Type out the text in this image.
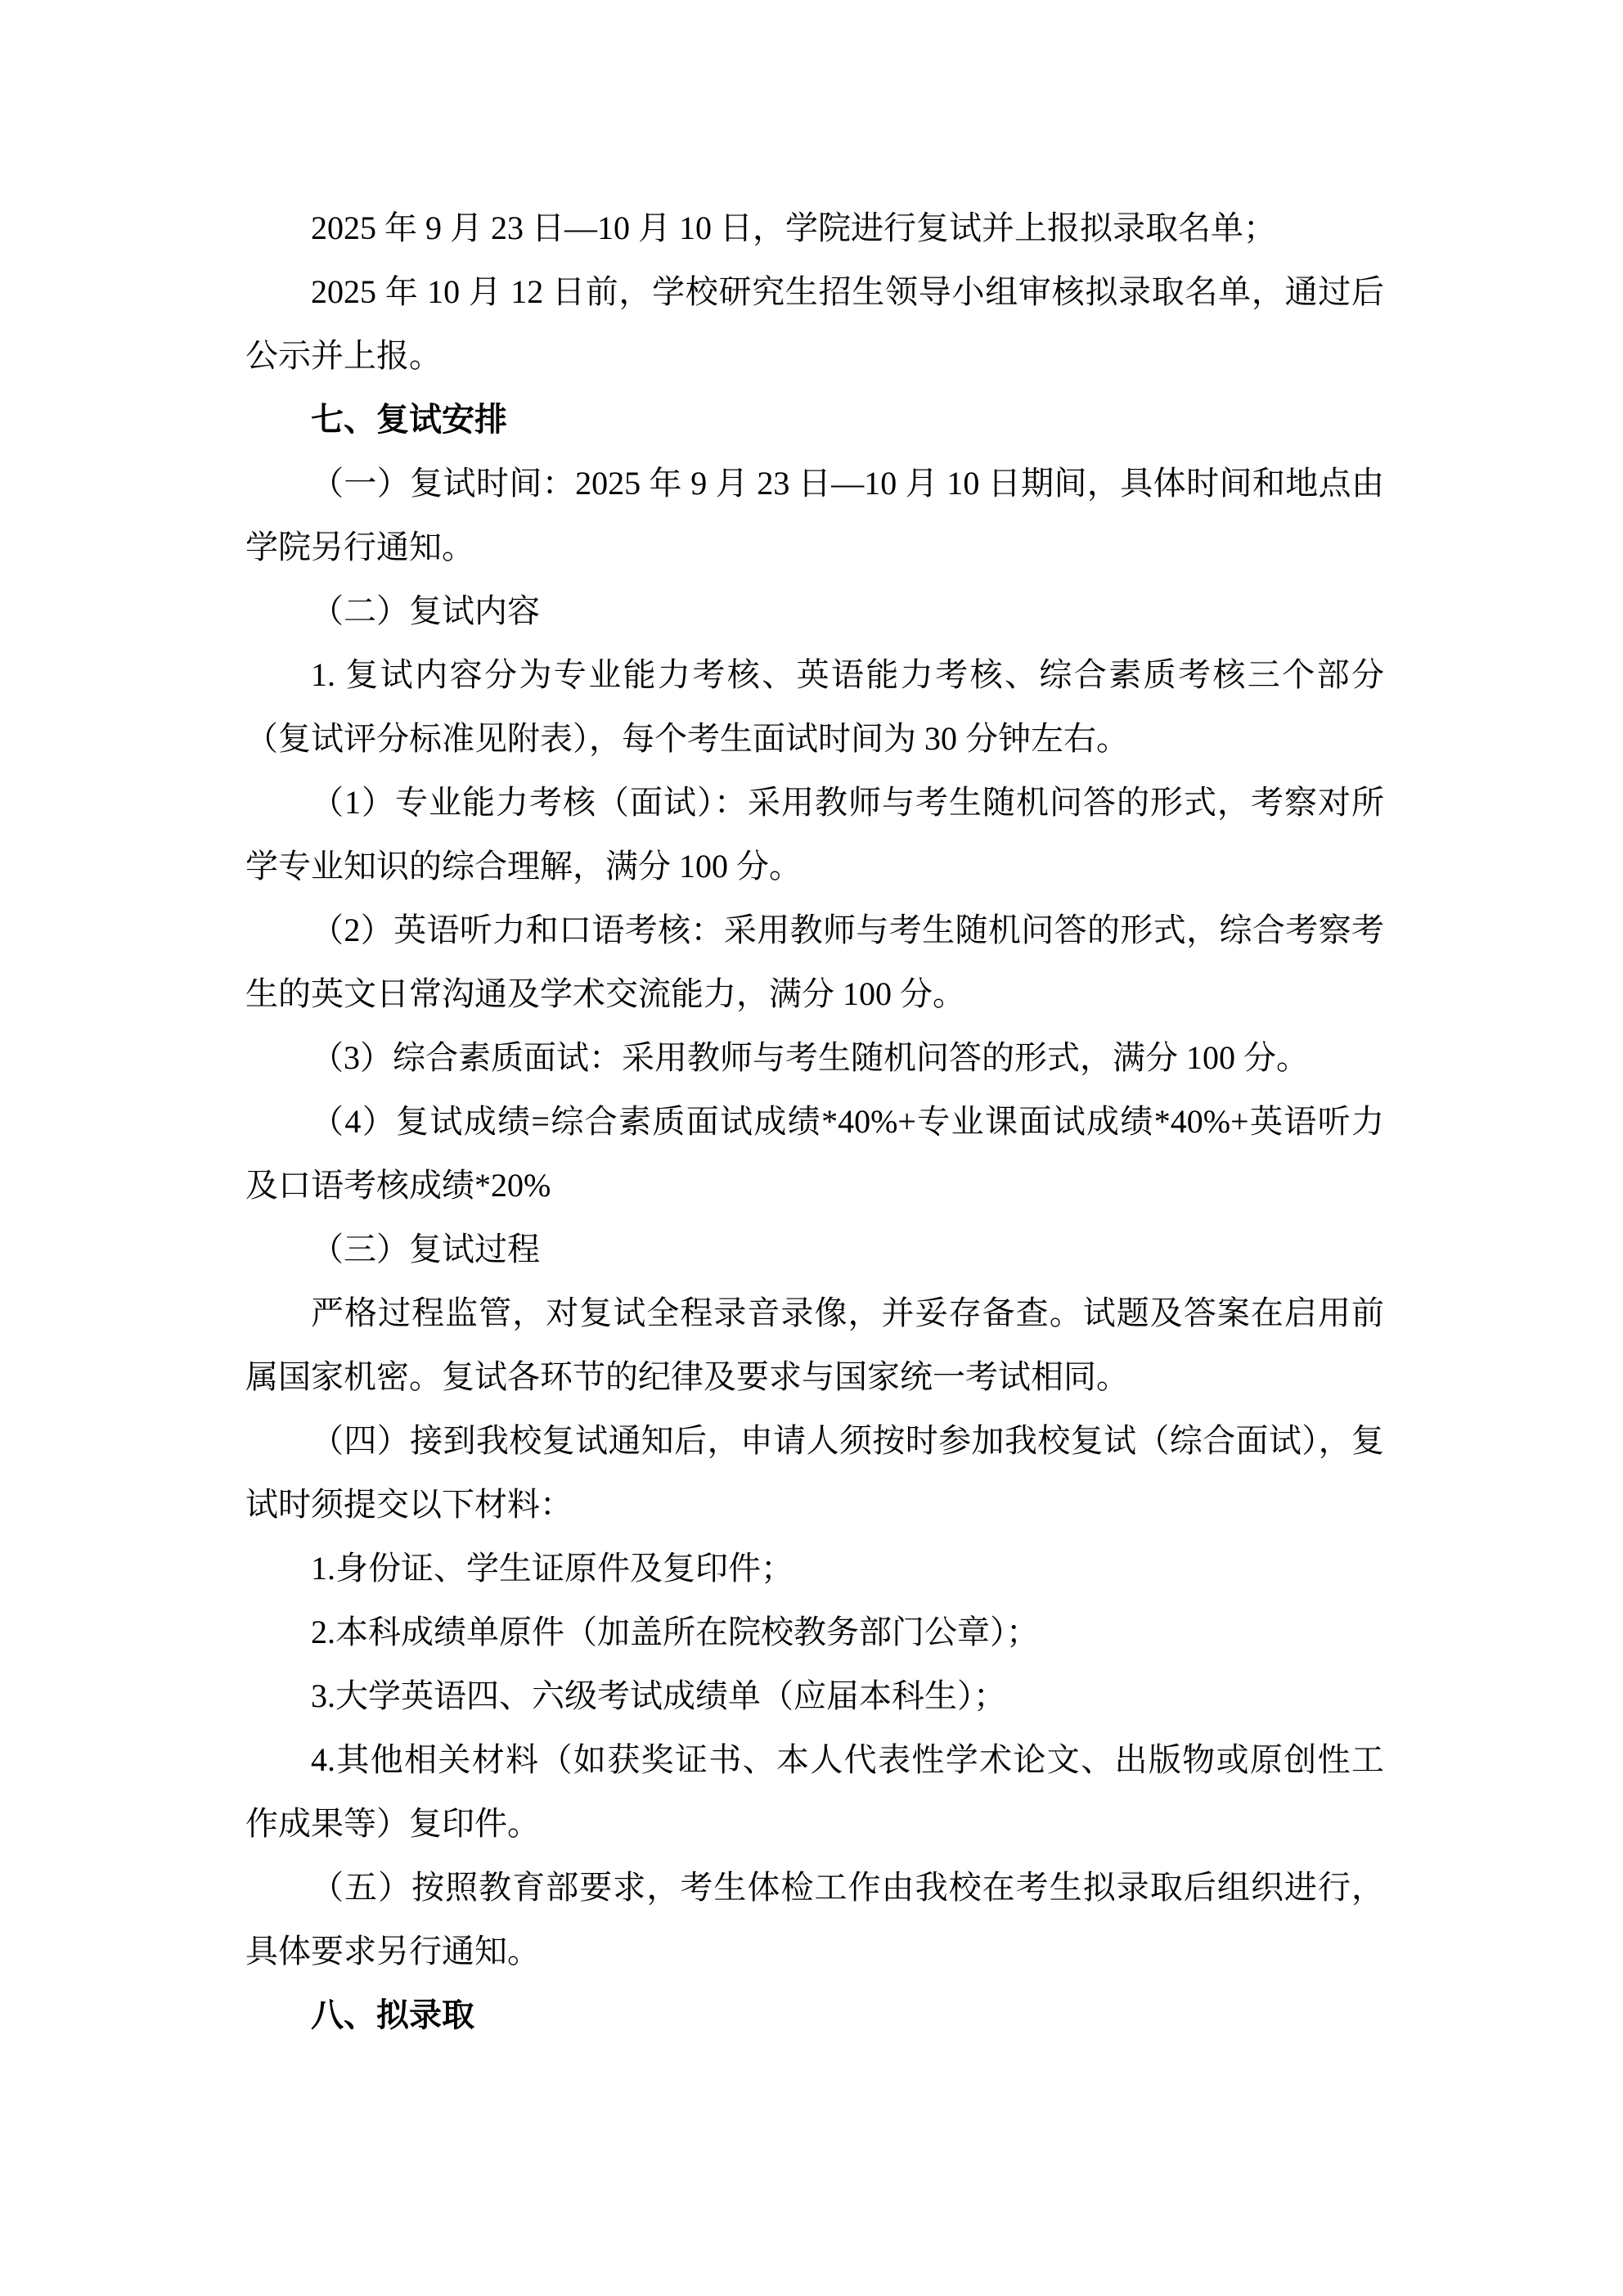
2025 年 9 月 23 日—10 月 10 日，学院进行复试并上报拟录取名单；
2025 年 10 月 12 日前，学校研究生招生领导小组审核拟录取名单，通过后
公示并上报。
七、复试安排
（一）复试时间：2025 年 9 月 23 日—10 月 10 日期间，具体时间和地点由
学院另行通知。
（二）复试内容
1. 复试内容分为专业能力考核、英语能力考核、综合素质考核三个部分
（复试评分标准见附表），每个考生面试时间为 30 分钟左右。
（1）专业能力考核（面试）：采用教师与考生随机问答的形式，考察对所
学专业知识的综合理解，满分 100 分。
（2）英语听力和口语考核：采用教师与考生随机问答的形式，综合考察考
生的英文日常沟通及学术交流能力，满分 100 分。
（3）综合素质面试：采用教师与考生随机问答的形式，满分 100 分。
（4）复试成绩=综合素质面试成绩*40%+专业课面试成绩*40%+英语听力
及口语考核成绩*20%
（三）复试过程
严格过程监管，对复试全程录音录像，并妥存备查。试题及答案在启用前
属国家机密。复试各环节的纪律及要求与国家统一考试相同。
（四）接到我校复试通知后，申请人须按时参加我校复试（综合面试），复
试时须提交以下材料：
1.身份证、学生证原件及复印件；
2.本科成绩单原件（加盖所在院校教务部门公章）；
3.大学英语四、六级考试成绩单（应届本科生）；
4.其他相关材料（如获奖证书、本人代表性学术论文、出版物或原创性工
作成果等）复印件。
（五）按照教育部要求，考生体检工作由我校在考生拟录取后组织进行，
具体要求另行通知。
八、拟录取
